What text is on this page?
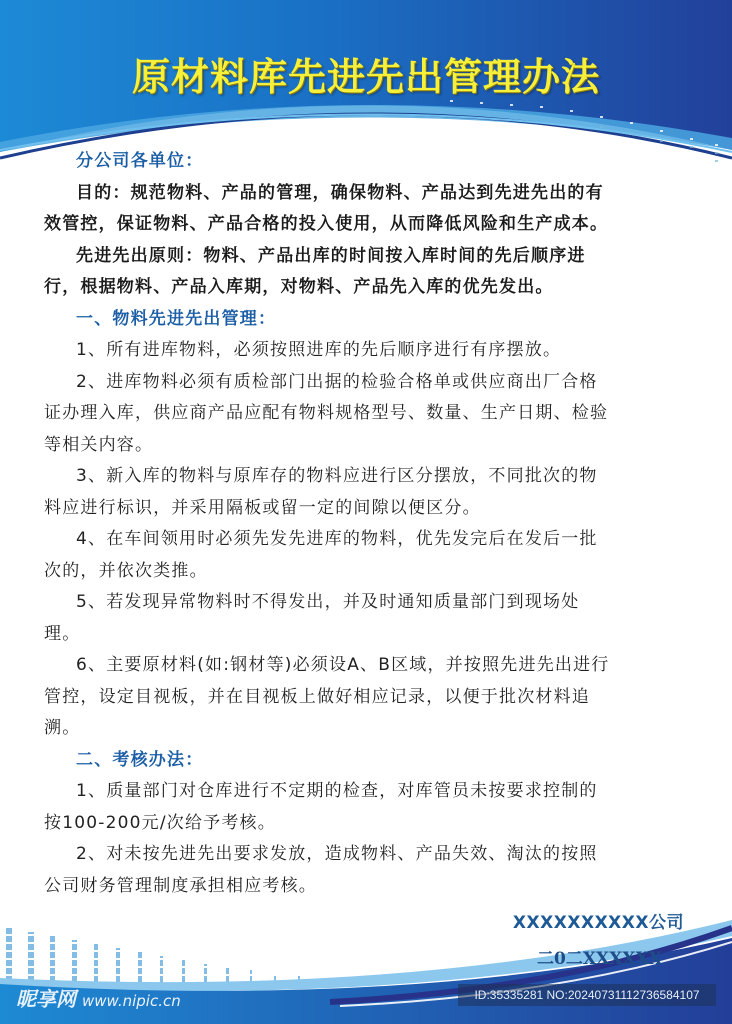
原材料库先进先出管理办法
分公司各单位：
目的：规范物料、产品的管理，确保物料、产品达到先进先出的有
效管控，保证物料、产品合格的投入使用，从而降低风险和生产成本。
先进先出原则：物料、产品出库的时间按入库时间的先后顺序进
行，根据物料、产品入库期，对物料、产品先入库的优先发出。
一、物料先进先出管理：
1、所有进库物料，必须按照进库的先后顺序进行有序摆放。
2、进库物料必须有质检部门出据的检验合格单或供应商出厂合格
证办理入库，供应商产品应配有物料规格型号、数量、生产日期、检验
等相关内容。
3、新入库的物料与原库存的物料应进行区分摆放，不同批次的物
料应进行标识，并采用隔板或留一定的间隙以便区分。
4、在车间领用时必须先发先进库的物料，优先发完后在发后一批
次的，并依次类推。
5、若发现异常物料时不得发出，并及时通知质量部门到现场处
理。
6、主要原材料(如:钢材等)必须设A、B区域，并按照先进先出进行
管控，设定目视板，并在目视板上做好相应记录，以便于批次材料追
溯。
二、考核办法：
1、质量部门对仓库进行不定期的检查，对库管员未按要求控制的
按100-200元/次给予考核。
2、对未按先进先出要求发放，造成物料、产品失效、淘汰的按照
公司财务管理制度承担相应考核。
XXXXXXXXXX公司
二0二XXXXXX
昵享网 www.nipic.cn	ID:35335281 NO:20240731112736584107
